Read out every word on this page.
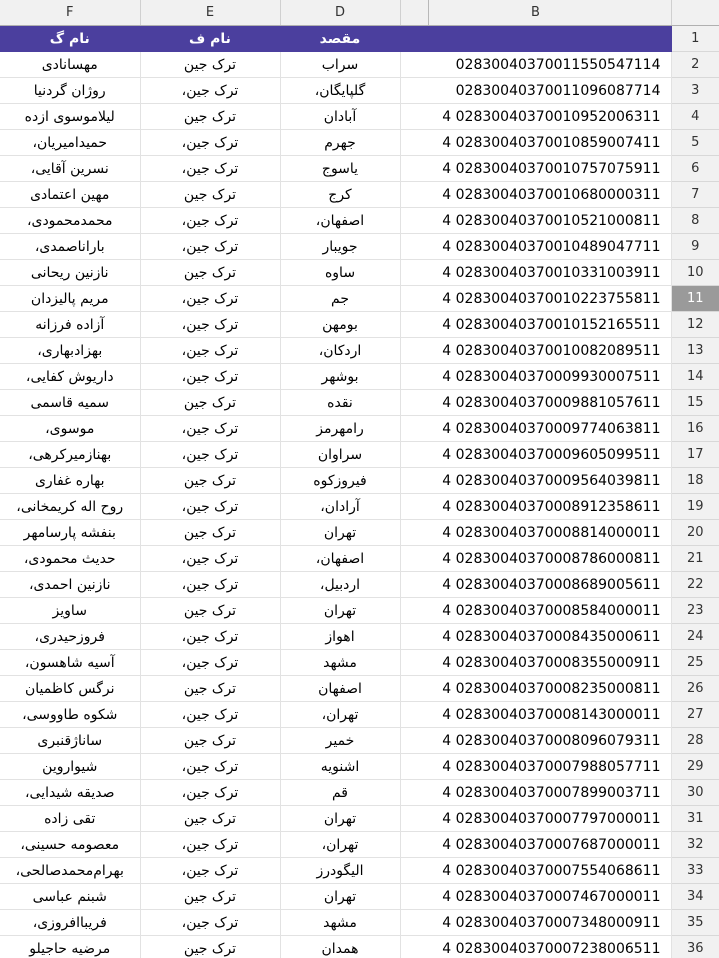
F	E	D	B	
نام گ	نام ف	مقصد		1
مهسانادی	ترک جین	سراب	02830040370011550547114	2
روژان گردنیا	ترک جین،	گلپایگان،	02830040370011096087714	3
لیلاموسوی ازده	ترک جین	آبادان	02830040370010952006311 4	4
حمیدامیریان،	ترک جین،	جهرم	02830040370010859007411 4	5
نسرین آقایی،	ترک جین،	یاسوج	02830040370010757075911 4	6
مهین اعتمادی	ترک جین	کرج	02830040370010680000311 4	7
محمدمحمودی،	ترک جین،	اصفهان،	02830040370010521000811 4	8
باراناصمدی،	ترک جین،	جویبار	02830040370010489047711 4	9
نازنین ریحانی	ترک جین	ساوه	02830040370010331003911 4	10
مریم پالیزدان	ترک جین،	جم	02830040370010223755811 4	11
آزاده فرزانه	ترک جین،	بومهن	02830040370010152165511 4	12
بهزادبهاری،	ترک جین،	اردکان،	02830040370010082089511 4	13
داریوش کفایی،	ترک جین،	بوشهر	02830040370009930007511 4	14
سمیه قاسمی	ترک جین	نقده	02830040370009881057611 4	15
موسوی،	ترک جین،	رامهرمز	02830040370009774063811 4	16
بهنازمیرکرهی،	ترک جین،	سراوان	02830040370009605099511 4	17
بهاره غفاری	ترک جین	فیروزکوه	02830040370009564039811 4	18
روح اله کریمخانی،	ترک جین،	آرادان،	02830040370008912358611 4	19
بنفشه پارسامهر	ترک جین	تهران	02830040370008814000011 4	20
حدیث محمودی،	ترک جین،	اصفهان،	02830040370008786000811 4	21
نازنین احمدی،	ترک جین،	اردبیل،	02830040370008689005611 4	22
ساویز	ترک جین	تهران	02830040370008584000011 4	23
فروزحیدری،	ترک جین،	اهواز	02830040370008435000611 4	24
آسیه شاهسون،	ترک جین،	مشهد	02830040370008355000911 4	25
نرگس کاظمیان	ترک جین	اصفهان	02830040370008235000811 4	26
شکوه طاووسی،	ترک جین،	تهران،	02830040370008143000011 4	27
ساناژقنبری	ترک جین	خمیر	02830040370008096079311 4	28
شیواروین	ترک جین،	اشنویه	02830040370007988057711 4	29
صدیقه شیدایی،	ترک جین،	قم	02830040370007899003711 4	30
تقی زاده	ترک جین	تهران	02830040370007797000011 4	31
معصومه حسینی،	ترک جین،	تهران،	02830040370007687000011 4	32
بهرام‌محمدصالحی،	ترک جین،	الیگودرز	02830040370007554068611 4	33
شبنم عباسی	ترک جین	تهران	02830040370007467000011 4	34
فریباافروزی،	ترک جین،	مشهد	02830040370007348000911 4	35
مرضیه حاجیلو	ترک جین	همدان	02830040370007238006511 4	36
